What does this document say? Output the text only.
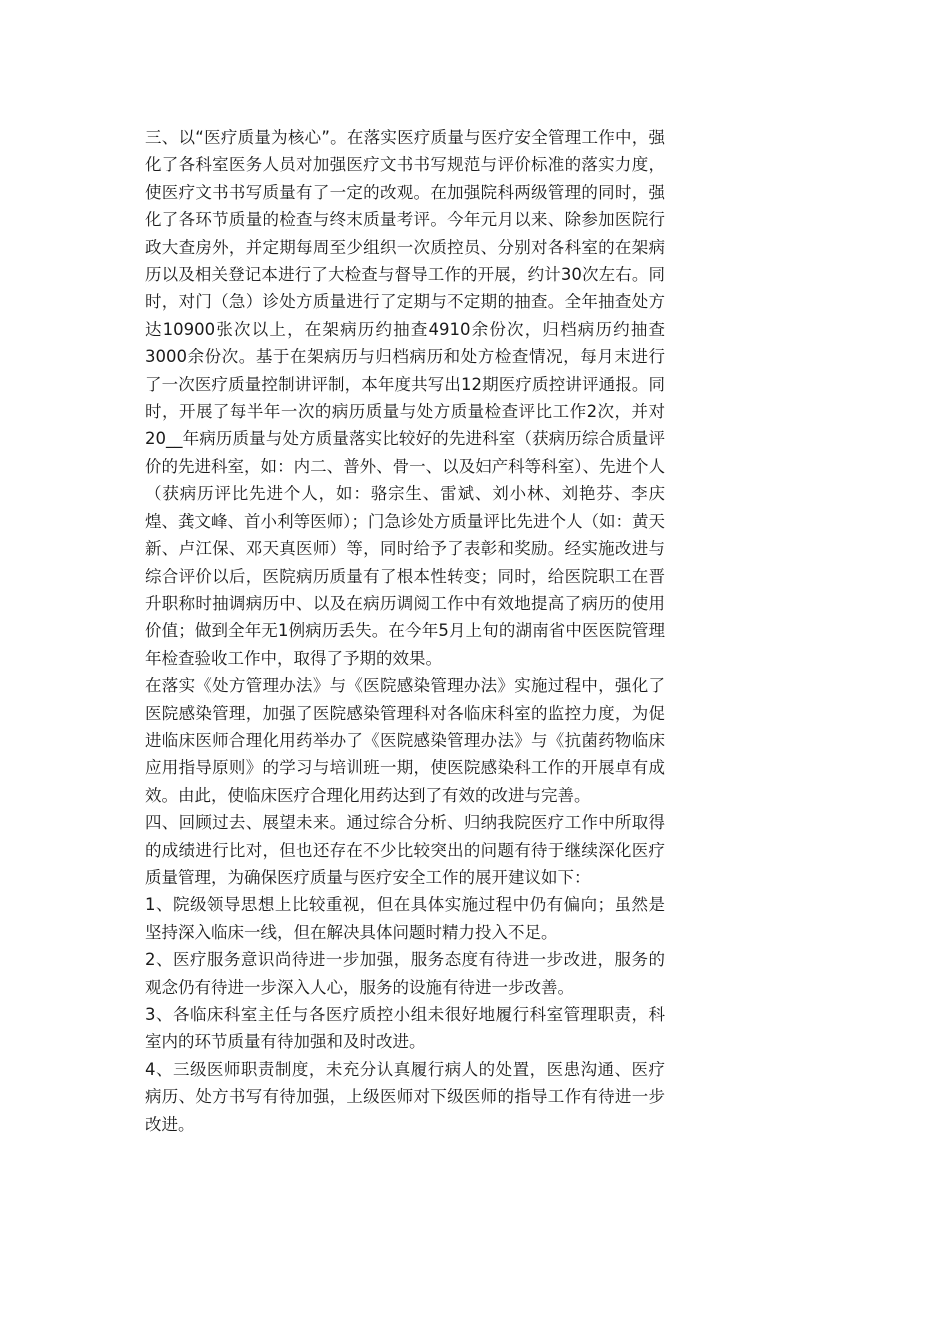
三、以“医疗质量为核心”。在落实医疗质量与医疗安全管理工作中，强化了各科室医务人员对加强医疗文书书写规范与评价标准的落实力度，使医疗文书书写质量有了一定的改观。在加强院科两级管理的同时，强化了各环节质量的检查与终末质量考评。今年元月以来、除参加医院行政大查房外，并定期每周至少组织一次质控员、分别对各科室的在架病历以及相关登记本进行了大检查与督导工作的开展，约计30次左右。同时，对门（急）诊处方质量进行了定期与不定期的抽查。全年抽查处方达10900张次以上，在架病历约抽查4910余份次，归档病历约抽查3000余份次。基于在架病历与归档病历和处方检查情况，每月末进行了一次医疗质量控制讲评制，本年度共写出12期医疗质控讲评通报。同时，开展了每半年一次的病历质量与处方质量检查评比工作2次，并对20__年病历质量与处方质量落实比较好的先进科室（获病历综合质量评价的先进科室，如：内二、普外、骨一、以及妇产科等科室）、先进个人（获病历评比先进个人，如：骆宗生、雷斌、刘小林、刘艳芬、李庆煌、龚文峰、首小利等医师）；门急诊处方质量评比先进个人（如：黄天新、卢江保、邓天真医师）等，同时给予了表彰和奖励。经实施改进与综合评价以后，医院病历质量有了根本性转变；同时，给医院职工在晋升职称时抽调病历中、以及在病历调阅工作中有效地提高了病历的使用价值；做到全年无1例病历丢失。在今年5月上旬的湖南省中医医院管理年检查验收工作中，取得了予期的效果。

在落实《处方管理办法》与《医院感染管理办法》实施过程中，强化了医院感染管理，加强了医院感染管理科对各临床科室的监控力度，为促进临床医师合理化用药举办了《医院感染管理办法》与《抗菌药物临床应用指导原则》的学习与培训班一期，使医院感染科工作的开展卓有成效。由此，使临床医疗合理化用药达到了有效的改进与完善。

四、回顾过去、展望未来。通过综合分析、归纳我院医疗工作中所取得的成绩进行比对，但也还存在不少比较突出的问题有待于继续深化医疗质量管理，为确保医疗质量与医疗安全工作的展开建议如下：

1、院级领导思想上比较重视，但在具体实施过程中仍有偏向；虽然是坚持深入临床一线，但在解决具体问题时精力投入不足。

2、医疗服务意识尚待进一步加强，服务态度有待进一步改进，服务的观念仍有待进一步深入人心，服务的设施有待进一步改善。

3、各临床科室主任与各医疗质控小组未很好地履行科室管理职责，科室内的环节质量有待加强和及时改进。

4、三级医师职责制度，未充分认真履行病人的处置，医患沟通、医疗病历、处方书写有待加强，上级医师对下级医师的指导工作有待进一步改进。
